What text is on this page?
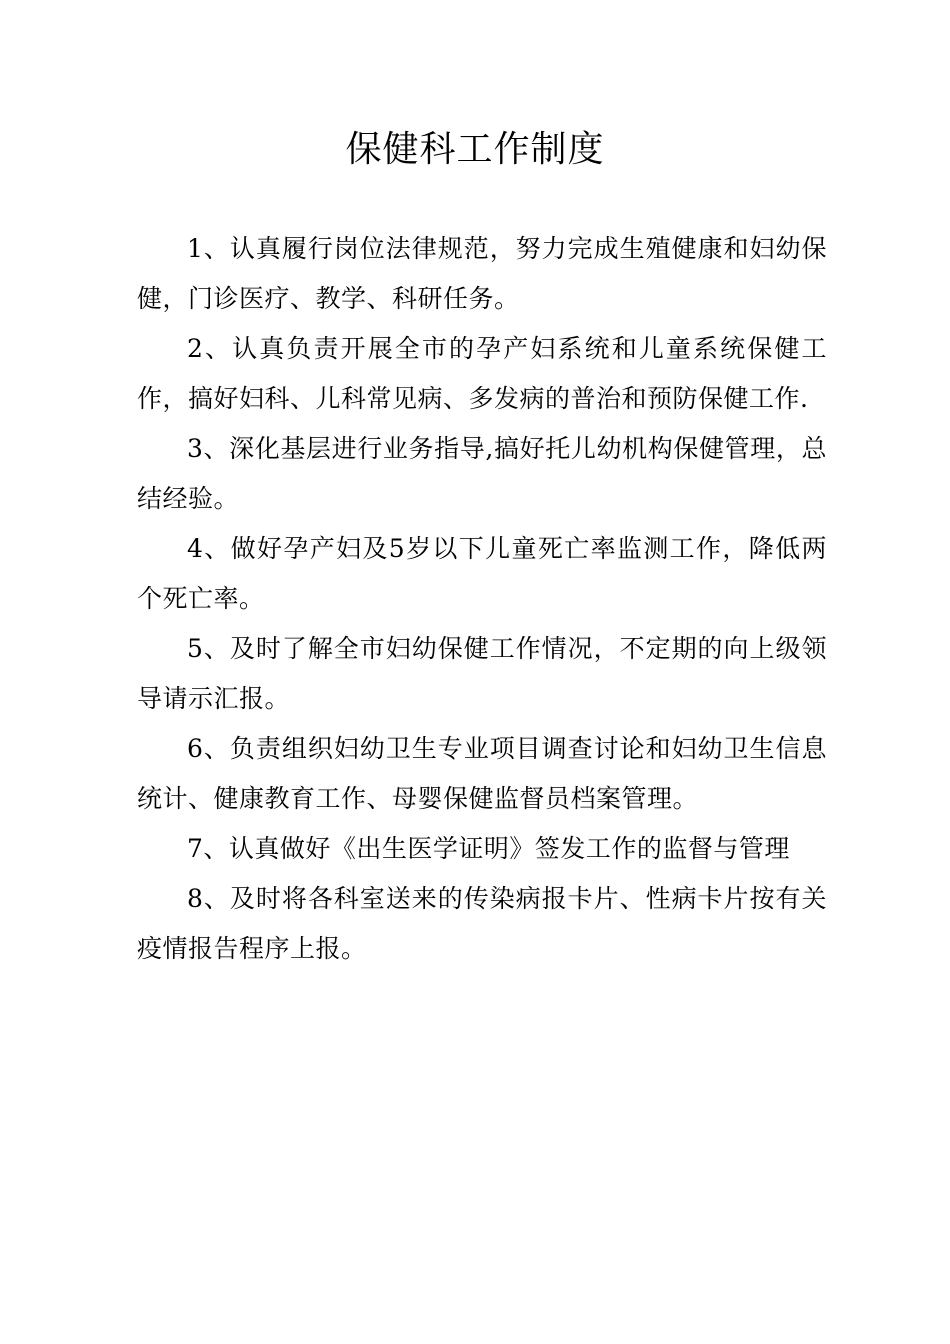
保健科工作制度

1、认真履行岗位法律规范，努力完成生殖健康和妇幼保健，门诊医疗、教学、科研任务。

2、认真负责开展全市的孕产妇系统和儿童系统保健工作，搞好妇科、儿科常见病、多发病的普治和预防保健工作.

3、深化基层进行业务指导,搞好托儿幼机构保健管理，总结经验。

4、做好孕产妇及5岁以下儿童死亡率监测工作，降低两个死亡率。

5、及时了解全市妇幼保健工作情况，不定期的向上级领导请示汇报。

6、负责组织妇幼卫生专业项目调查讨论和妇幼卫生信息统计、健康教育工作、母婴保健监督员档案管理。

7、认真做好《出生医学证明》签发工作的监督与管理

8、及时将各科室送来的传染病报卡片、性病卡片按有关疫情报告程序上报。
